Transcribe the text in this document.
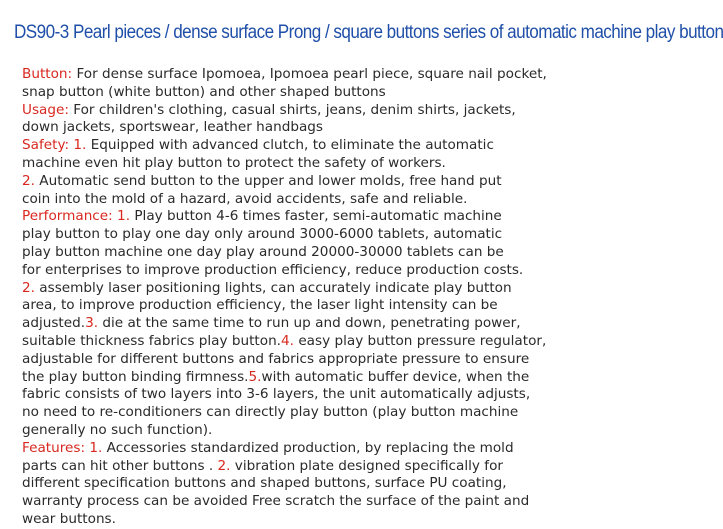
DS90-3 Pearl pieces / dense surface Prong / square buttons series of automatic machine play button
Button: For dense surface Ipomoea, Ipomoea pearl piece, square nail pocket,
snap button (white button) and other shaped buttons
Usage: For children's clothing, casual shirts, jeans, denim shirts, jackets,
down jackets, sportswear, leather handbags
Safety: 1. Equipped with advanced clutch, to eliminate the automatic
machine even hit play button to protect the safety of workers.
2. Automatic send button to the upper and lower molds, free hand put
coin into the mold of a hazard, avoid accidents, safe and reliable.
Performance: 1. Play button 4-6 times faster, semi-automatic machine
play button to play one day only around 3000-6000 tablets, automatic
play button machine one day play around 20000-30000 tablets can be
for enterprises to improve production efficiency, reduce production costs.
2. assembly laser positioning lights, can accurately indicate play button
area, to improve production efficiency, the laser light intensity can be
adjusted.3. die at the same time to run up and down, penetrating power,
suitable thickness fabrics play button.4. easy play button pressure regulator,
adjustable for different buttons and fabrics appropriate pressure to ensure
the play button binding firmness.5.with automatic buffer device, when the
fabric consists of two layers into 3-6 layers, the unit automatically adjusts,
no need to re-conditioners can directly play button (play button machine
generally no such function).
Features: 1. Accessories standardized production, by replacing the mold
parts can hit other buttons . 2. vibration plate designed specifically for
different specification buttons and shaped buttons, surface PU coating,
warranty process can be avoided Free scratch the surface of the paint and
wear buttons.
